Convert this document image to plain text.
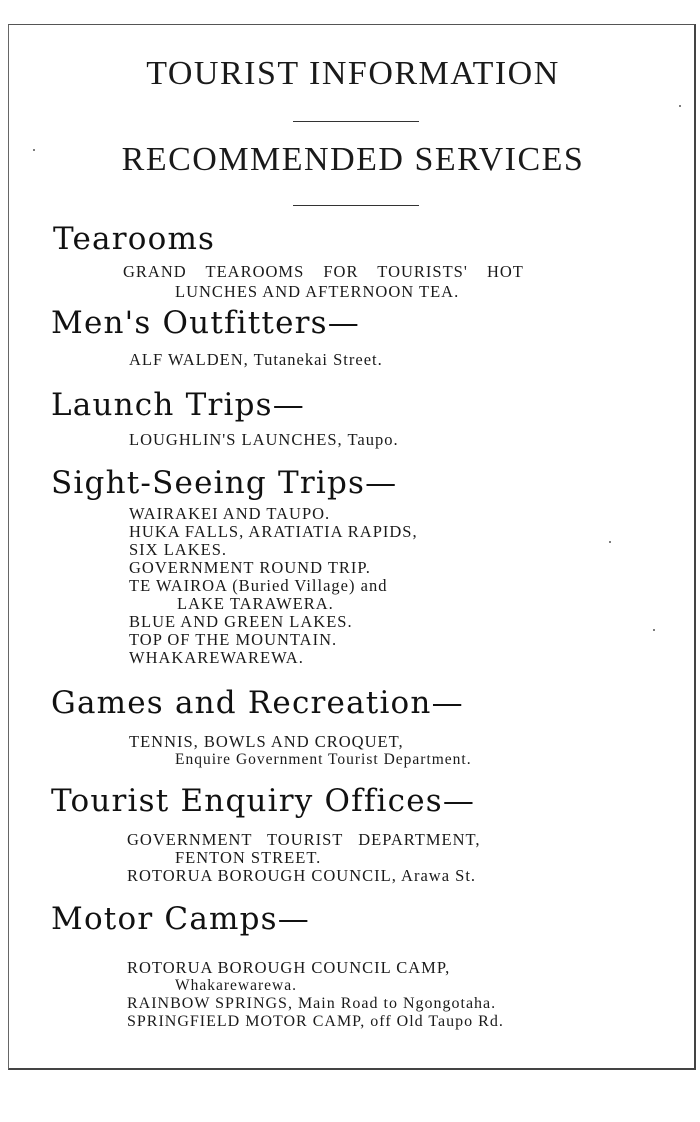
TOURIST INFORMATION
RECOMMENDED SERVICES
Tearooms
GRAND TEAROOMS FOR TOURISTS' HOT
LUNCHES AND AFTERNOON TEA.
Men's Outfitters—
ALF WALDEN, Tutanekai Street.
Launch Trips—
LOUGHLIN'S LAUNCHES, Taupo.
Sight-Seeing Trips—
WAIRAKEI AND TAUPO.
HUKA FALLS, ARATIATIA RAPIDS,
SIX LAKES.
GOVERNMENT ROUND TRIP.
TE WAIROA (Buried Village) and
LAKE TARAWERA.
BLUE AND GREEN LAKES.
TOP OF THE MOUNTAIN.
WHAKAREWAREWA.
Games and Recreation—
TENNIS, BOWLS AND CROQUET,
Enquire Government Tourist Department.
Tourist Enquiry Offices—
GOVERNMENT TOURIST DEPARTMENT,
FENTON STREET.
ROTORUA BOROUGH COUNCIL, Arawa St.
Motor Camps—
ROTORUA BOROUGH COUNCIL CAMP,
Whakarewarewa.
RAINBOW SPRINGS, Main Road to Ngongotaha.
SPRINGFIELD MOTOR CAMP, off Old Taupo Rd.
